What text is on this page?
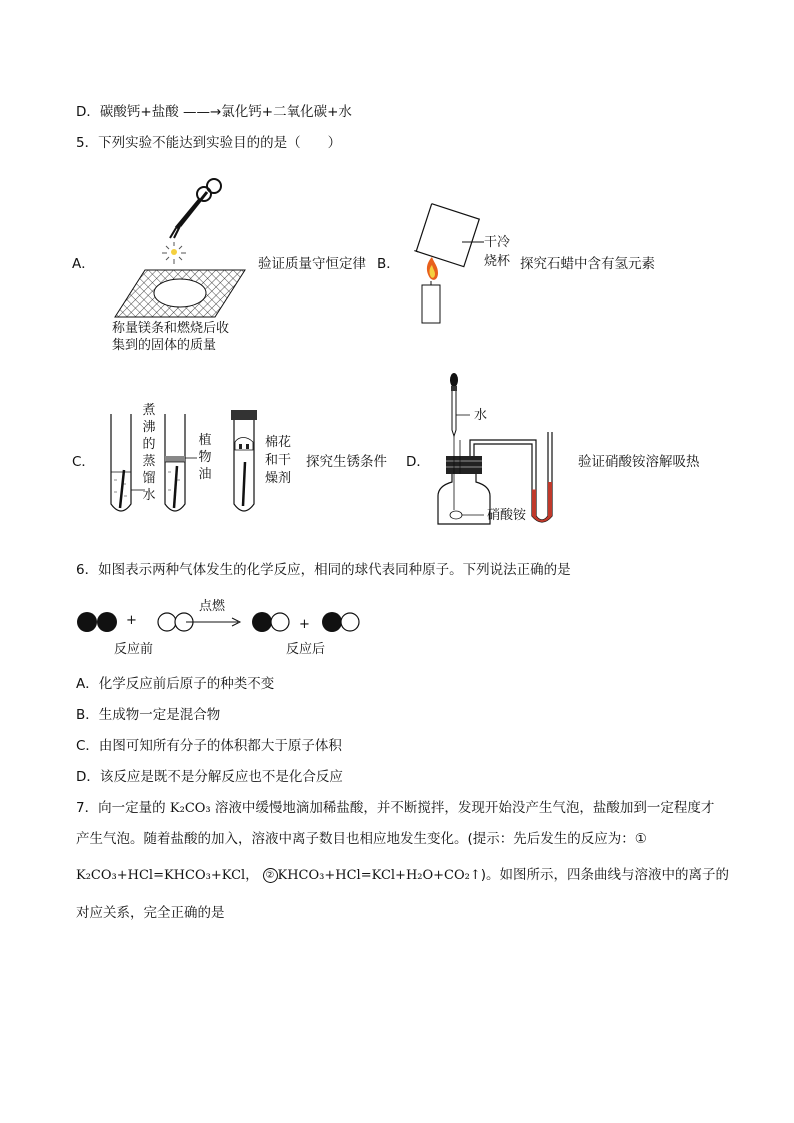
D．碳酸钙+盐酸 ——→氯化钙+二氧化碳+水
5．下列实验不能达到实验目的的是（　　）
A．
称量镁条和燃烧后收
集到的固体的质量
验证质量守恒定律 B．
干冷
烧杯 探究石蜡中含有氢元素
C．
煮
沸
的
蒸
馏
水
植
物
油
棉花
和干
燥剂
探究生锈条件 D．
水
硝酸铵
验证硝酸铵溶解吸热
6．如图表示两种气体发生的化学反应，相同的球代表同种原子。下列说法正确的是
+
点燃
+
反应前	反应后
A．化学反应前后原子的种类不变
B．生成物一定是混合物
C．由图可知所有分子的体积都大于原子体积
D．该反应是既不是分解反应也不是化合反应
7．向一定量的 K₂CO₃ 溶液中缓慢地滴加稀盐酸，并不断搅拌，发现开始没产生气泡，盐酸加到一定程度才
产生气泡。随着盐酸的加入，溶液中离子数目也相应地发生变化。(提示：先后发生的反应为：①
K₂CO₃+HCl=KHCO₃+KCl， ② KHCO₃+HCl=KCl+H₂O+CO₂↑)。如图所示，四条曲线与溶液中的离子的
对应关系，完全正确的是
